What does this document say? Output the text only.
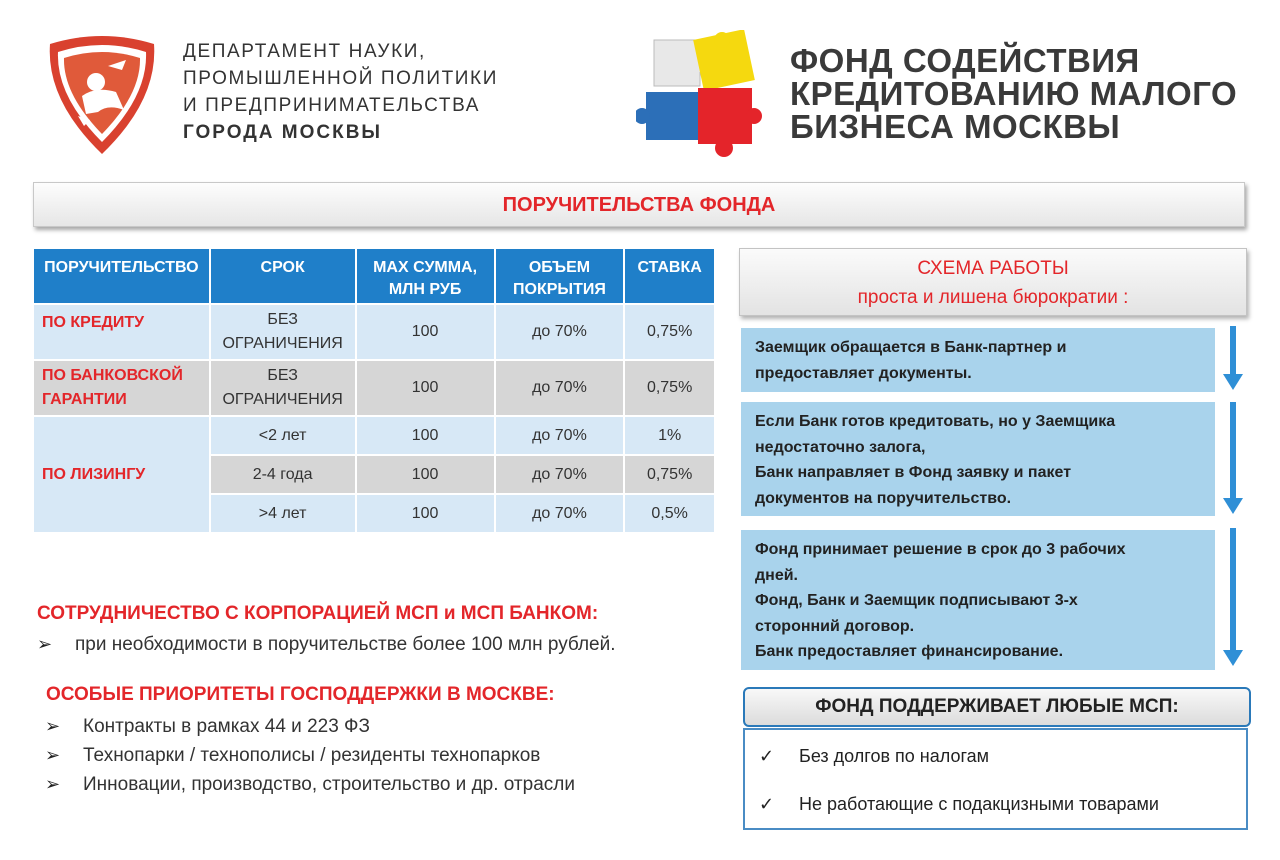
ДЕПАРТАМЕНТ НАУКИ,
ПРОМЫШЛЕННОЙ ПОЛИТИКИ
И ПРЕДПРИНИМАТЕЛЬСТВА
ГОРОДА МОСКВЫ
ФОНД СОДЕЙСТВИЯ
КРЕДИТОВАНИЮ МАЛОГО
БИЗНЕСА МОСКВЫ
ПОРУЧИТЕЛЬСТВА ФОНДА
ПОРУЧИТЕЛЬСТВО	СРОК	MAX СУММА, МЛН РУБ	ОБЪЕМ ПОКРЫТИЯ	СТАВКА
ПО КРЕДИТУ	БЕЗ ОГРАНИЧЕНИЯ	100	до 70%	0,75%
ПО БАНКОВСКОЙ ГАРАНТИИ	БЕЗ ОГРАНИЧЕНИЯ	100	до 70%	0,75%
ПО ЛИЗИНГУ	<2 лет	100	до 70%	1%
	2-4 года	100	до 70%	0,75%
	>4 лет	100	до 70%	0,5%
СОТРУДНИЧЕСТВО С КОРПОРАЦИЕЙ МСП и МСП БАНКОМ:
➢ при необходимости в поручительстве более 100 млн рублей.
ОСОБЫЕ ПРИОРИТЕТЫ ГОСПОДДЕРЖКИ В МОСКВЕ:
➢ Контракты в рамках 44 и 223 ФЗ
➢ Технопарки / технополисы / резиденты технопарков
➢ Инновации, производство, строительство и др. отрасли
СХЕМА РАБОТЫ
проста и лишена бюрократии :
Заемщик обращается в Банк-партнер и
предоставляет документы.
Если Банк готов кредитовать, но у Заемщика
недостаточно залога,
Банк направляет в Фонд заявку и пакет
документов на поручительство.
Фонд принимает решение в срок до 3 рабочих
дней.
Фонд, Банк и Заемщик подписывают 3-х
сторонний договор.
Банк предоставляет финансирование.
ФОНД ПОДДЕРЖИВАЕТ ЛЮБЫЕ МСП:
✓ Без долгов по налогам
✓ Не работающие с подакцизными товарами
